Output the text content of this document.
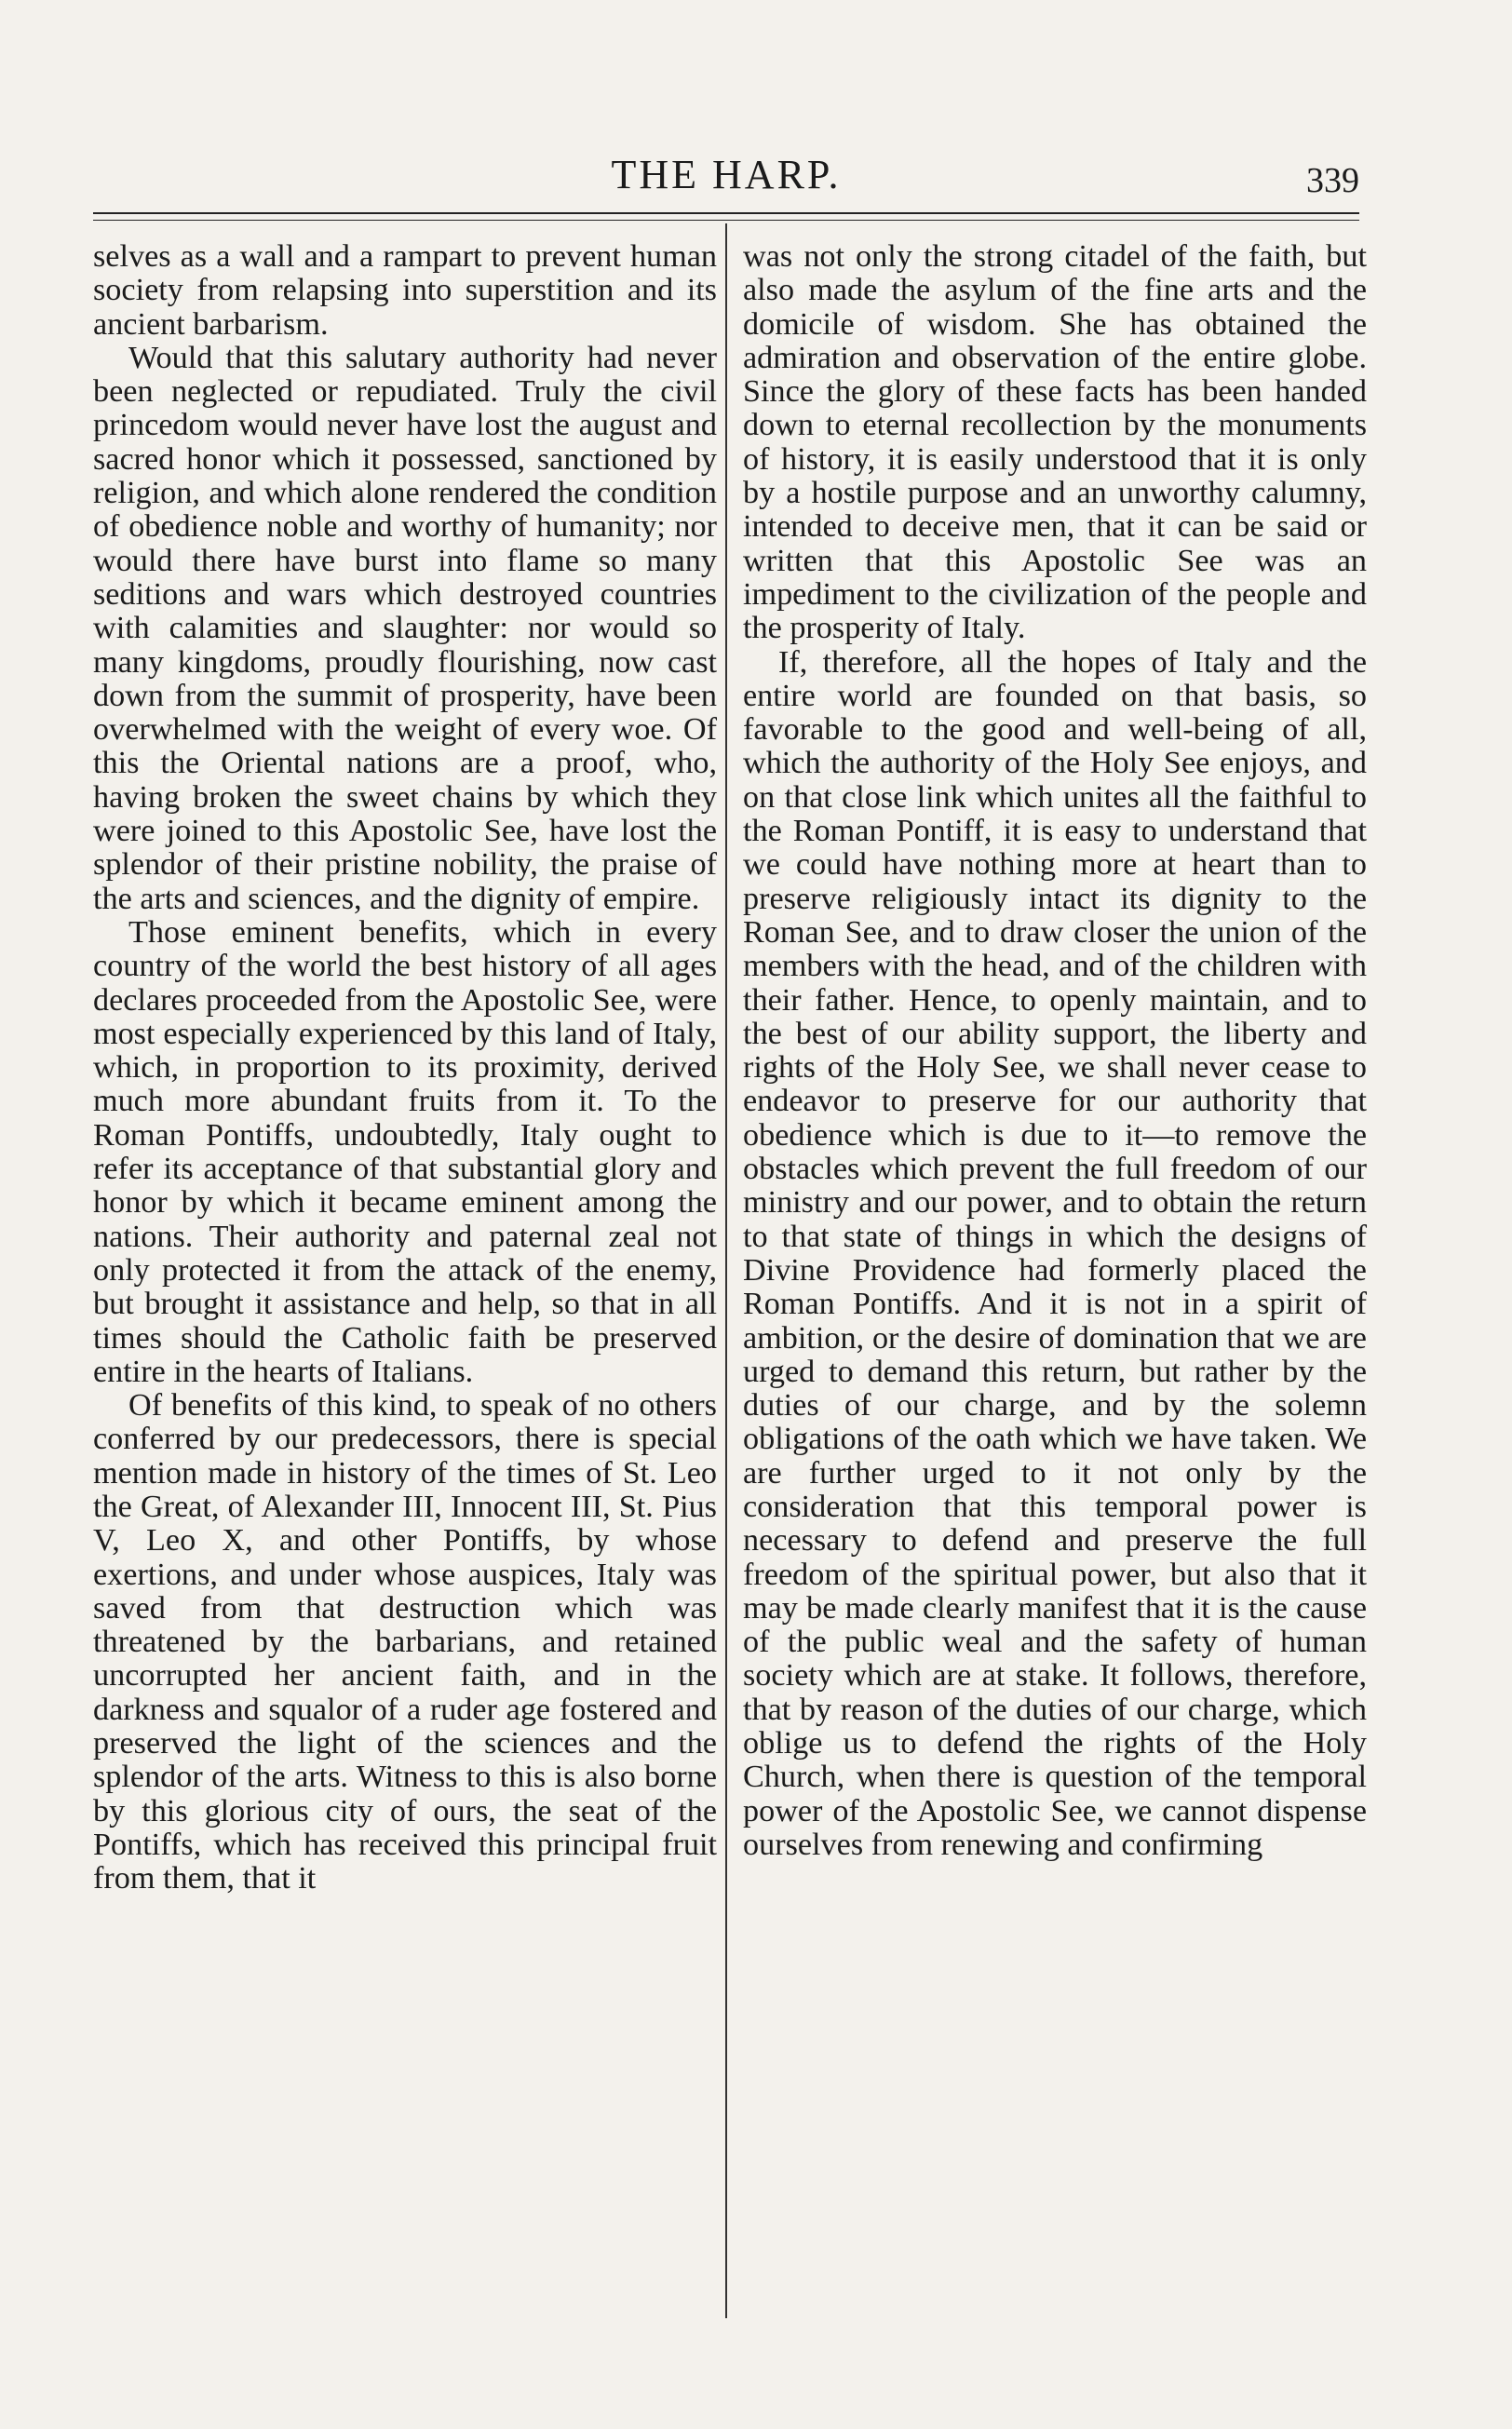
THE HARP.	339

selves as a wall and a rampart to prevent human society from relapsing into superstition and its ancient barbarism.

Would that this salutary authority had never been neglected or repudiated. Truly the civil princedom would never have lost the august and sacred honor which it possessed, sanctioned by religion, and which alone rendered the condition of obedience noble and worthy of humanity; nor would there have burst into flame so many seditions and wars which destroyed countries with calamities and slaughter: nor would so many kingdoms, proudly flourishing, now cast down from the summit of prosperity, have been overwhelmed with the weight of every woe. Of this the Oriental nations are a proof, who, having broken the sweet chains by which they were joined to this Apostolic See, have lost the splendor of their pristine nobility, the praise of the arts and sciences, and the dignity of empire.

Those eminent benefits, which in every country of the world the best history of all ages declares proceeded from the Apostolic See, were most especially experienced by this land of Italy, which, in proportion to its proximity, derived much more abundant fruits from it. To the Roman Pontiffs, undoubtedly, Italy ought to refer its acceptance of that substantial glory and honor by which it became eminent among the nations. Their authority and paternal zeal not only protected it from the attack of the enemy, but brought it assistance and help, so that in all times should the Catholic faith be preserved entire in the hearts of Italians.

Of benefits of this kind, to speak of no others conferred by our predecessors, there is special mention made in history of the times of St. Leo the Great, of Alexander III, Innocent III, St. Pius V, Leo X, and other Pontiffs, by whose exertions, and under whose auspices, Italy was saved from that destruction which was threatened by the barbarians, and retained uncorrupted her ancient faith, and in the darkness and squalor of a ruder age fostered and preserved the light of the sciences and the splendor of the arts. Witness to this is also borne by this glorious city of ours, the seat of the Pontiffs, which has received this principal fruit from them, that it

was not only the strong citadel of the faith, but also made the asylum of the fine arts and the domicile of wisdom. She has obtained the admiration and observation of the entire globe. Since the glory of these facts has been handed down to eternal recollection by the monuments of history, it is easily understood that it is only by a hostile purpose and an unworthy calumny, intended to deceive men, that it can be said or written that this Apostolic See was an impediment to the civilization of the people and the prosperity of Italy.

If, therefore, all the hopes of Italy and the entire world are founded on that basis, so favorable to the good and well-being of all, which the authority of the Holy See enjoys, and on that close link which unites all the faithful to the Roman Pontiff, it is easy to understand that we could have nothing more at heart than to preserve religiously intact its dignity to the Roman See, and to draw closer the union of the members with the head, and of the children with their father. Hence, to openly maintain, and to the best of our ability support, the liberty and rights of the Holy See, we shall never cease to endeavor to preserve for our authority that obedience which is due to it—to remove the obstacles which prevent the full freedom of our ministry and our power, and to obtain the return to that state of things in which the designs of Divine Providence had formerly placed the Roman Pontiffs. And it is not in a spirit of ambition, or the desire of domination that we are urged to demand this return, but rather by the duties of our charge, and by the solemn obligations of the oath which we have taken. We are further urged to it not only by the consideration that this temporal power is necessary to defend and preserve the full freedom of the spiritual power, but also that it may be made clearly manifest that it is the cause of the public weal and the safety of human society which are at stake. It follows, therefore, that by reason of the duties of our charge, which oblige us to defend the rights of the Holy Church, when there is question of the temporal power of the Apostolic See, we cannot dispense ourselves from renewing and confirming
